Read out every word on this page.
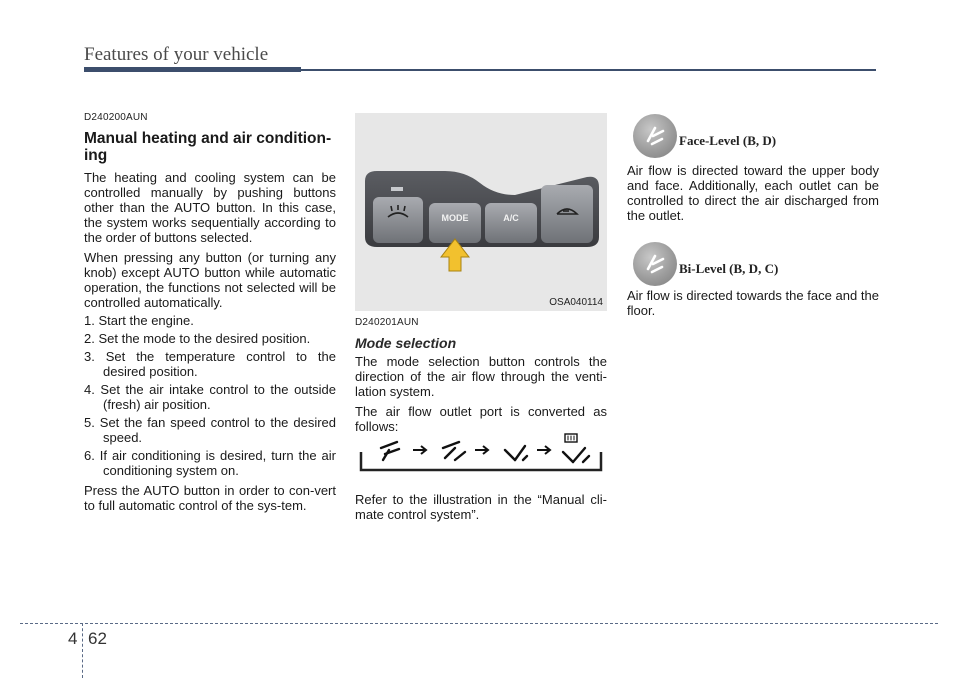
Features of your vehicle
D240200AUN
Manual heating and air condition-ing
The heating and cooling system can be controlled manually by pushing buttons other than the AUTO button. In this case, the system works sequentially according to the order of buttons selected.
When pressing any button (or turning any knob) except AUTO button while automatic operation, the functions not selected will be controlled automatically.
1. Start the engine.
2. Set the mode to the desired position.
3. Set the temperature control to the desired position.
4. Set the air intake control to the outside (fresh) air position.
5. Set the fan speed control to the desired speed.
6. If air conditioning is desired, turn the air conditioning system on.
Press the AUTO button in order to con-vert to full automatic control of the sys-tem.
MODE	A/C
OSA040114
D240201AUN
Mode selection
The mode selection button controls the direction of the air flow through the venti-lation system.
The air flow outlet port is converted as follows:
Refer to the illustration in the “Manual cli-mate control system”.
Face-Level (B, D)
Air flow is directed toward the upper body and face. Additionally, each outlet can be controlled to direct the air discharged from the outlet.
Bi-Level (B, D, C)
Air flow is directed towards the face and the floor.
4 62
